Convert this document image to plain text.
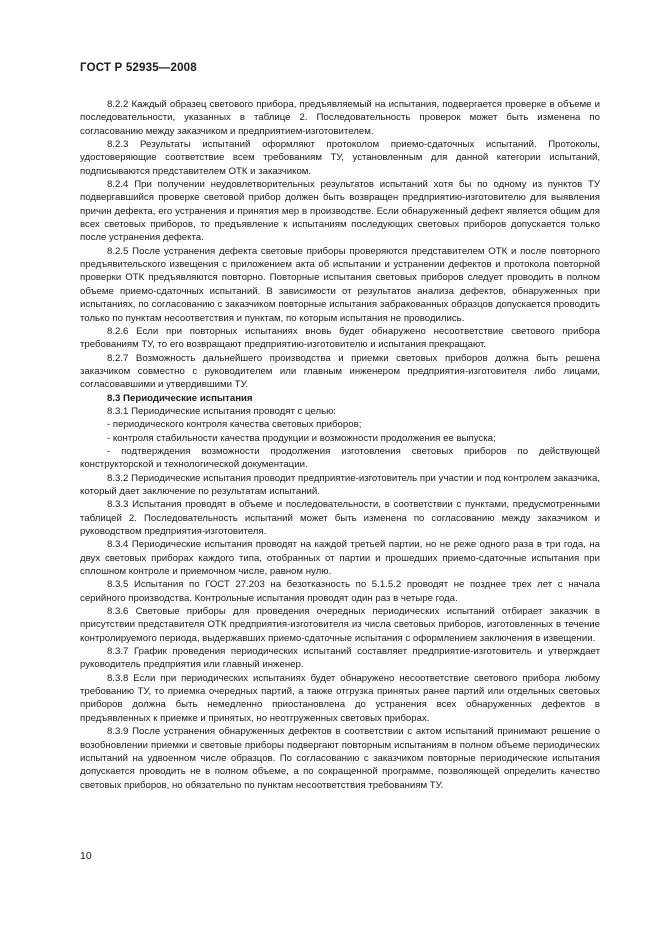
ГОСТ Р 52935—2008

8.2.2 Каждый образец светового прибора, предъявляемый на испытания, подвергается проверке в объеме и последовательности, указанных в таблице 2. Последовательность проверок может быть изменена по согласованию между заказчиком и предприятием-изготовителем.

8.2.3 Результаты испытаний оформляют протоколом приемо-сдаточных испытаний. Протоколы, удостоверяющие соответствие всем требованиям ТУ, установленным для данной категории испытаний, подписываются представителем ОТК и заказчиком.

8.2.4 При получении неудовлетворительных результатов испытаний хотя бы по одному из пунктов ТУ подвергавшийся проверке световой прибор должен быть возвращен предприятию-изготовителю для выявления причин дефекта, его устранения и принятия мер в производстве. Если обнаруженный дефект является общим для всех световых приборов, то предъявление к испытаниям последующих световых приборов допускается только после устранения дефекта.

8.2.5 После устранения дефекта световые приборы проверяются представителем ОТК и после повторного предъявительского извещения с приложением акта об испытании и устранении дефектов и протокола повторной проверки ОТК предъявляются повторно. Повторные испытания световых приборов следует проводить в полном объеме приемо-сдаточных испытаний. В зависимости от результатов анализа дефектов, обнаруженных при испытаниях, по согласованию с заказчиком повторные испытания забракованных образцов допускается проводить только по пунктам несоответствия и пунктам, по которым испытания не проводились.

8.2.6 Если при повторных испытаниях вновь будет обнаружено несоответствие светового прибора требованиям ТУ, то его возвращают предприятию-изготовителю и испытания прекращают.

8.2.7 Возможность дальнейшего производства и приемки световых приборов должна быть решена заказчиком совместно с руководителем или главным инженером предприятия-изготовителя либо лицами, согласовавшими и утвердившими ТУ.

8.3 Периодические испытания

8.3.1 Периодические испытания проводят с целью:

- периодического контроля качества световых приборов;

- контроля стабильности качества продукции и возможности продолжения ее выпуска;

- подтверждения возможности продолжения изготовления световых приборов по действующей конструкторской и технологической документации.

8.3.2 Периодические испытания проводит предприятие-изготовитель при участии и под контролем заказчика, который дает заключение по результатам испытаний.

8.3.3 Испытания проводят в объеме и последовательности, в соответствии с пунктами, предусмотренными таблицей 2. Последовательность испытаний может быть изменена по согласованию между заказчиком и руководством предприятия-изготовителя.

8.3.4 Периодические испытания проводят на каждой третьей партии, но не реже одного раза в три года, на двух световых приборах каждого типа, отобранных от партии и прошедших приемо-сдаточные испытания при сплошном контроле и приемочном числе, равном нулю.

8.3.5 Испытания по ГОСТ 27.203 на безотказность по 5.1.5.2 проводят не позднее трех лет с начала серийного производства. Контрольные испытания проводят один раз в четыре года.

8.3.6 Световые приборы для проведения очередных периодических испытаний отбирает заказчик в присутствии представителя ОТК предприятия-изготовителя из числа световых приборов, изготовленных в течение контролируемого периода, выдержавших приемо-сдаточные испытания с оформлением заключения в извещении.

8.3.7 График проведения периодических испытаний составляет предприятие-изготовитель и утверждает руководитель предприятия или главный инженер.

8.3.8 Если при периодических испытаниях будет обнаружено несоответствие светового прибора любому требованию ТУ, то приемка очередных партий, а также отгрузка принятых ранее партий или отдельных световых приборов должна быть немедленно приостановлена до устранения всех обнаруженных дефектов в предъявленных к приемке и принятых, но неотгруженных световых приборах.

8.3.9 После устранения обнаруженных дефектов в соответствии с актом испытаний принимают решение о возобновлении приемки и световые приборы подвергают повторным испытаниям в полном объеме периодических испытаний на удвоенном числе образцов. По согласованию с заказчиком повторные периодические испытания допускается проводить не в полном объеме, а по сокращенной программе, позволяющей определить качество световых приборов, но обязательно по пунктам несоответствия требованиям ТУ.

10
